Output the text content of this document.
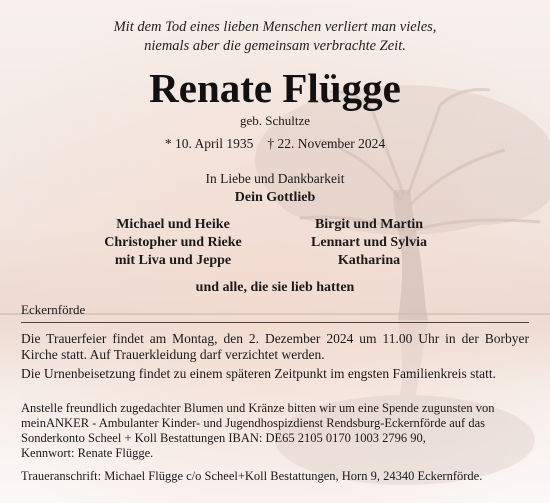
Mit dem Tod eines lieben Menschen verliert man vieles,
niemals aber die gemeinsam verbrachte Zeit.
Renate Flügge
geb. Schultze
* 10. April 1935 † 22. November 2024
In Liebe und Dankbarkeit
Dein Gottlieb
Michael und Heike
Christopher und Rieke
mit Liva und Jeppe
Birgit und Martin
Lennart und Sylvia
Katharina
und alle, die sie lieb hatten
Eckernförde
Die Trauerfeier findet am Montag, den 2. Dezember 2024 um 11.00 Uhr in der Borbyer Kirche statt. Auf Trauerkleidung darf verzichtet werden.
Die Urnenbeisetzung findet zu einem späteren Zeitpunkt im engsten Familienkreis statt.
Anstelle freundlich zugedachter Blumen und Kränze bitten wir um eine Spende zugunsten von
meinANKER - Ambulanter Kinder- und Jugendhospizdienst Rendsburg-Eckernförde auf das
Sonderkonto Scheel + Koll Bestattungen IBAN: DE65 2105 0170 1003 2796 90,
Kennwort: Renate Flügge.
Traueranschrift: Michael Flügge c/o Scheel+Koll Bestattungen, Horn 9, 24340 Eckernförde.
